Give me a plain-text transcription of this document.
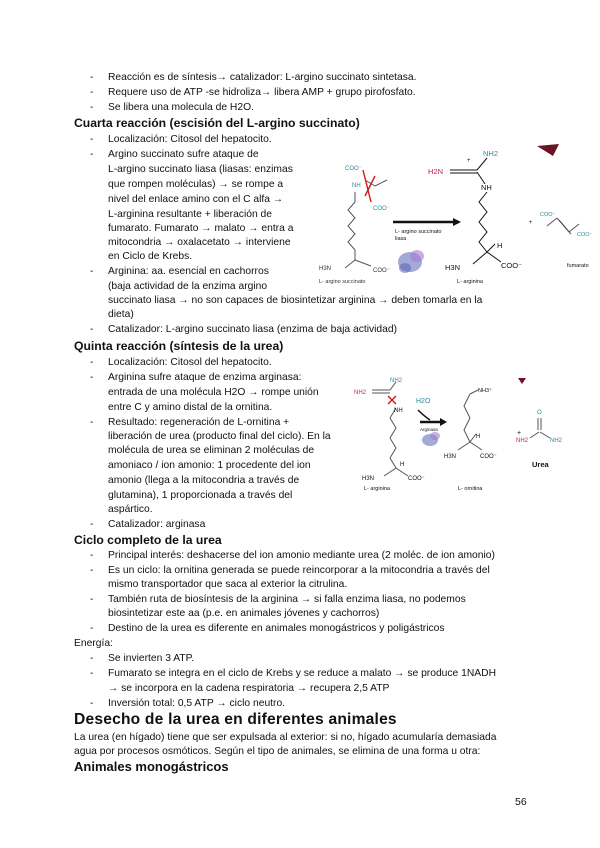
- Reacción es de síntesis→ catalizador: L-argino succinato sintetasa.
- Requere uso de ATP -se hidroliza→ libera AMP + grupo pirofosfato.
- Se libera una molecula de H2O.
Cuarta reacción (escisión del L-argino succinato)
- Localización: Citosol del hepatocito.
- Argino succinato sufre ataque de
L-argino succinato liasa (liasas: enzimas
que rompen moléculas) → se rompe a
nivel del enlace amino con el C alfa →
L-arginina resultante + liberación de
fumarato. Fumarato → malato → entra a
mitocondria → oxalacetato → interviene
en Ciclo de Krebs.
- Arginina: aa. esencial en cachorros
(baja actividad de la enzima argino
succinato liasa → no son capaces de biosintetizar arginina → deben tomarla en la
dieta)
- Catalizador: L-argino succinato liasa (enzima de baja actividad)
COO⁻
NH
COO⁻
H3N	COO⁻
L- argino succinato
L- argino succinato
liasa
+
NH2
H2N
NH
H
H3N	COO⁻
L- arginina
+
COO⁻
COO⁻
fumarato
Quinta reacción (síntesis de la urea)
- Localización: Citosol del hepatocito.
- Arginina sufre ataque de enzima arginasa:
entrada de una molécula H2O → rompe unión
entre C y amino distal de la ornitina.
- Resultado: regeneración de L-ornitina +
liberación de urea (producto final del ciclo). En la
molécula de urea se eliminan 2 moléculas de
amoniaco / ion amonio: 1 procedente del ion
amonio (llega a la mitocondria a través de
glutamina), 1 proporcionada a través del
aspártico.
- Catalizador: arginasa
NH2
NH2
NH
H
H3N	COO⁻
L- arginina
H2O
Arginasa
NH3⁺
H
H3N	COO⁻
L- ornitina
+
O
NH2	NH2
Urea
Ciclo completo de la urea
- Principal interés: deshacerse del ion amonio mediante urea (2 moléc. de ion amonio)
- Es un ciclo: la ornitina generada se puede reincorporar a la mitocondria a través del
mismo transportador que saca al exterior la citrulina.
- También ruta de biosíntesis de la arginina → si falla enzima liasa, no podemos
biosintetizar este aa (p.e. en animales jóvenes y cachorros)
- Destino de la urea es diferente en animales monogástricos y poligástricos
Energía:
- Se invierten 3 ATP.
- Fumarato se integra en el ciclo de Krebs y se reduce a malato → se produce 1NADH
→ se incorpora en la cadena respiratoria → recupera 2,5 ATP
- Inversión total: 0,5 ATP → ciclo neutro.
Desecho de la urea en diferentes animales
La urea (en hígado) tiene que ser expulsada al exterior: si no, hígado acumularía demasiada
agua por procesos osmóticos. Según el tipo de animales, se elimina de una forma u otra:
Animales monogástricos
56
